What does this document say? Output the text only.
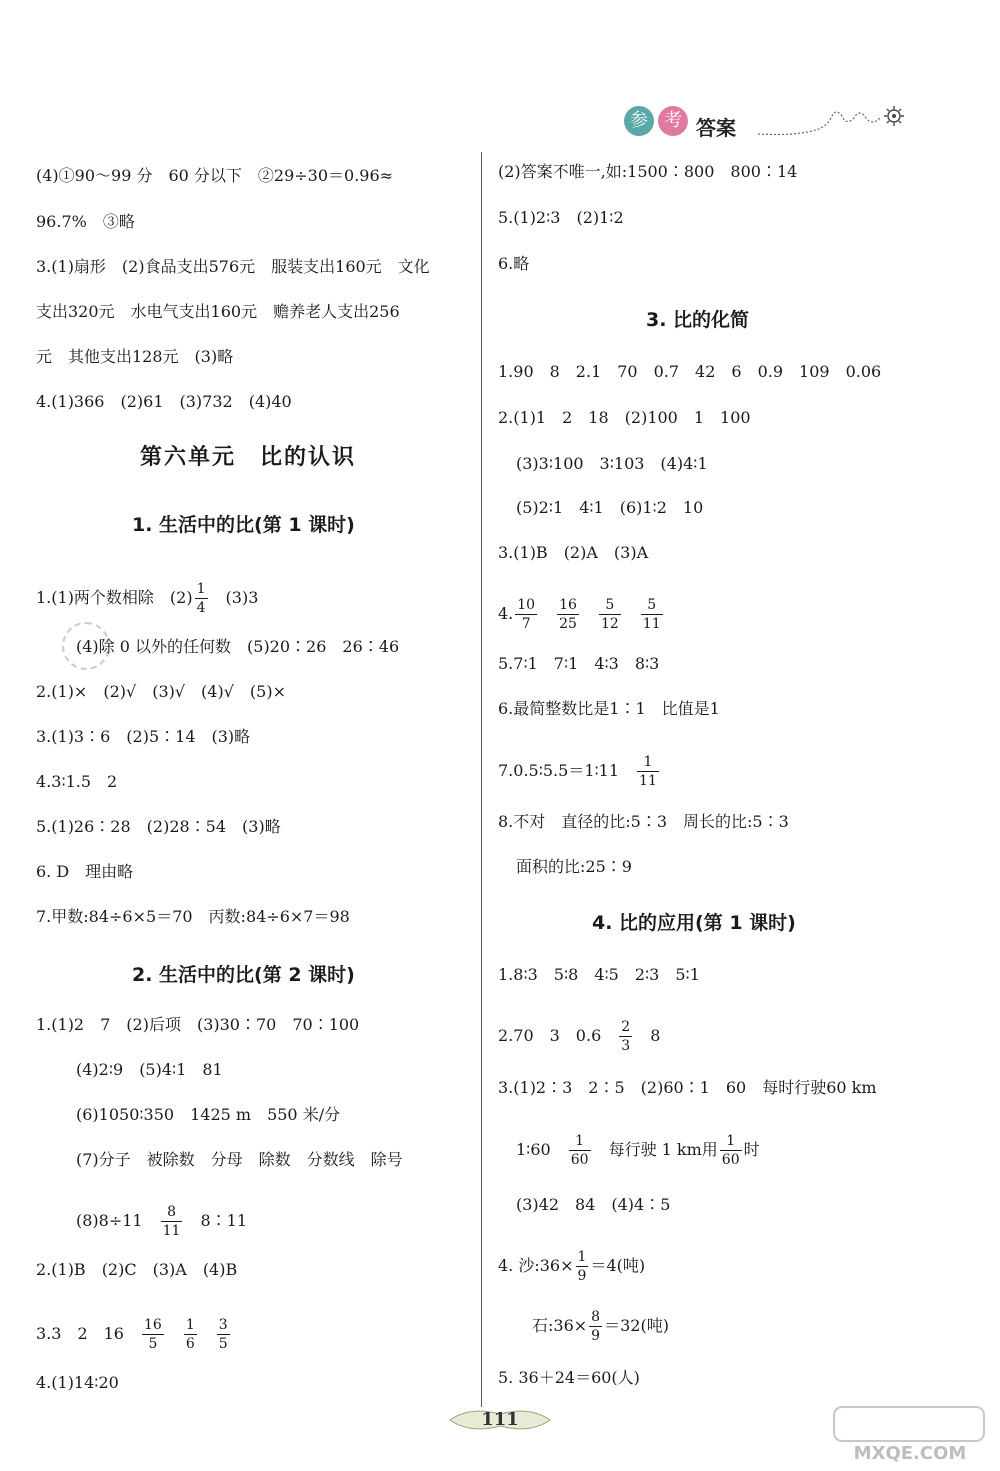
参 考 答案
(4)①90～99 分　60 分以下　②29÷30＝0.96≈
96.7%　③略
3.(1)扇形　(2)食品支出576元　服装支出160元　文化
支出320元　水电气支出160元　赡养老人支出256
元　其他支出128元　(3)略
4.(1)366　(2)61　(3)732　(4)40
第六单元　比的认识
1. 生活中的比(第 1 课时)
1.(1)两个数相除　$(2) \frac{1}{4}$ 　(3)3
(4)除 0 以外的任何数　(5)20∶26　26∶46
2.(1)×　(2)√　(3)√　(4)√　(5)×
3.(1)3∶6　(2)5∶14　(3)略
4.3∶1.5　2
5.(1)26∶28　(2)28∶54　(3)略
6. D　理由略
7.甲数:84÷6×5＝70　丙数:84÷6×7＝98
2. 生活中的比(第 2 课时)
1.(1)2　7　(2)后项　(3)30∶70　70∶100
(4)2∶9　(5)4∶1　81
(6)1050∶350　1425 m　550 米/分
(7)分子　被除数　分母　除数　分数线　除号
(8)8÷11　 $\frac{8}{11}$
　 8∶11
2.(1)B　(2)C　(3)A　(4)B
3.3　2　16　 $\frac{16}{5}$
　 $\frac{1}{6}$
　 $\frac{3}{5}$
4.(1)14∶20
(2)答案不唯一,如:1500∶800　800∶14
5.(1)2∶3　(2)1∶2
6.略
3. 比的化简
1.90　8　2.1　70　0.7　42　6　0.9　109　0.06
2.(1)1　2　18　(2)100　1　100
(3)3∶100　3∶103　(4)4∶1
(5)2∶1　4∶1　(6)1∶2　10
3.(1)B　(2)A　(3)A
4. $\frac{10}{7}$
　 $\frac{16}{25}$
　 $\frac{5}{12}$
　 $\frac{5}{11}$
5.7∶1　7∶1　4∶3　8∶3
6.最简整数比是1∶1　比值是1
7.0.5∶5.5＝1∶11　 $\frac{1}{11}$
8.不对　直径的比:5∶3　周长的比:5∶3
面积的比:25∶9
4. 比的应用(第 1 课时)
1.8∶3　5∶8　4∶5　2∶3　5∶1
2.70　3　0.6　 $\frac{2}{3}$
　 8
3.(1)2∶3　2∶5　(2)60∶1　60　每时行驶60 km
1∶60　 $\frac{1}{60}$
　 每行驶 1 km用 $\frac{1}{60}$ 时
(3)42　84　(4)4∶5
4. 沙:36× $\frac{1}{9} =4$(吨)
石:36× $\frac{8}{9} =32$(吨)
5. 36＋24＝60(人)
111
MXQE.COM
